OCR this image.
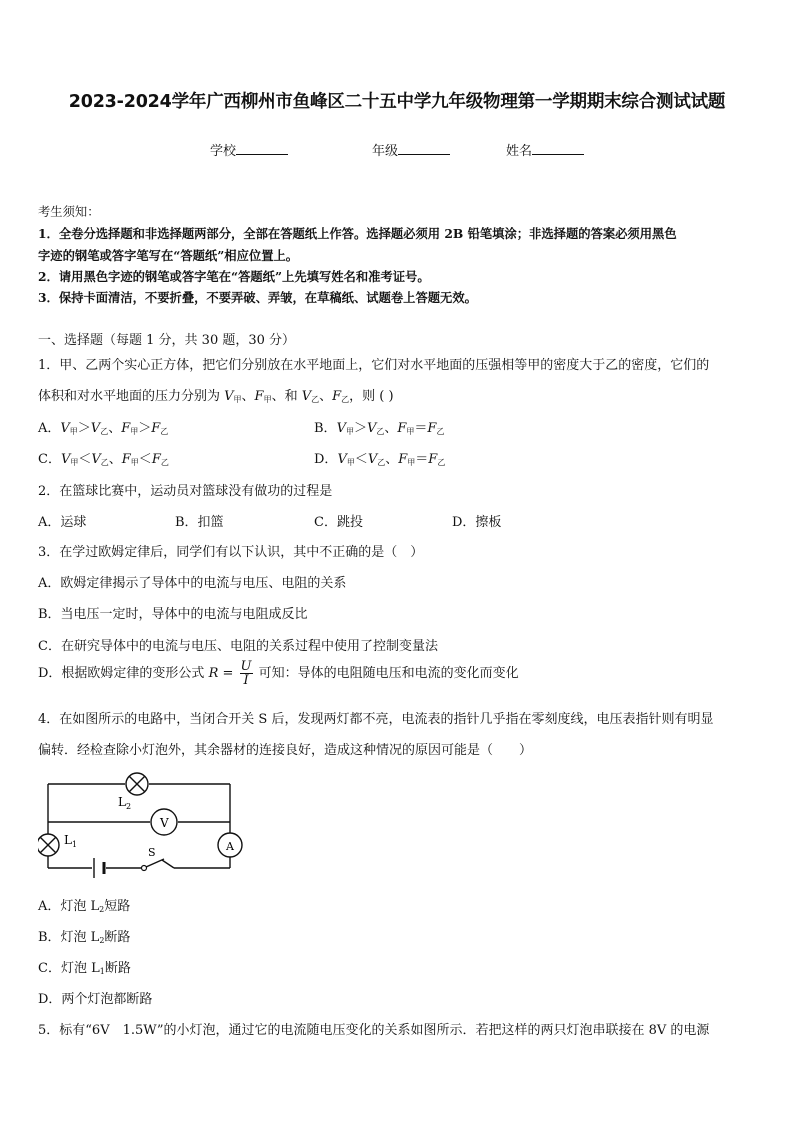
2023-2024学年广西柳州市鱼峰区二十五中学九年级物理第一学期期末综合测试试题
学校	年级	姓名
考生须知：
1．全卷分选择题和非选择题两部分，全部在答题纸上作答。选择题必须用 2B 铅笔填涂；非选择题的答案必须用黑色
字迹的钢笔或答字笔写在“答题纸”相应位置上。
2．请用黑色字迹的钢笔或答字笔在“答题纸”上先填写姓名和准考证号。
3．保持卡面清洁，不要折叠，不要弄破、弄皱，在草稿纸、试题卷上答题无效。
一、选择题（每题 1 分，共 30 题，30 分）
1．甲、乙两个实心正方体，把它们分别放在水平地面上，它们对水平地面的压强相等甲的密度大于乙的密度，它们的
体积和对水平地面的压力分别为 $V_甲$、$F_甲$、和 $V_乙$、$F_乙$，则 ( )
A．$V_甲>V_乙$、$F_甲>F_乙$	B．$V_甲>V_乙$、$F_甲=F_乙$
C．$V_甲<V_乙$、$F_甲<F_乙$	D．$V_甲<V_乙$、$F_甲=F_乙$
2．在篮球比赛中，运动员对篮球没有做功的过程是
A．运球	B．扣篮	C．跳投	D．擦板
3．在学过欧姆定律后，同学们有以下认识，其中不正确的是（　）
A．欧姆定律揭示了导体中的电流与电压、电阻的关系
B．当电压一定时，导体中的电流与电阻成反比
C．在研究导体中的电流与电压、电阻的关系过程中使用了控制变量法
D．根据欧姆定律的变形公式 $R = \frac{U}{I}$ 可知：导体的电阻随电压和电流的变化而变化
4．在如图所示的电路中，当闭合开关 S 后，发现两灯都不亮，电流表的指针几乎指在零刻度线，电压表指针则有明显
偏转．经检查除小灯泡外，其余器材的连接良好，造成这种情况的原因可能是（　　）
$L_2$
V
$L_1$	A
S
A．灯泡 $L_2$短路
B．灯泡 $L_2$断路
C．灯泡 $L_1$断路
D．两个灯泡都断路
5．标有“6V　1.5W”的小灯泡，通过它的电流随电压变化的关系如图所示．若把这样的两只灯泡串联接在 8V 的电源
